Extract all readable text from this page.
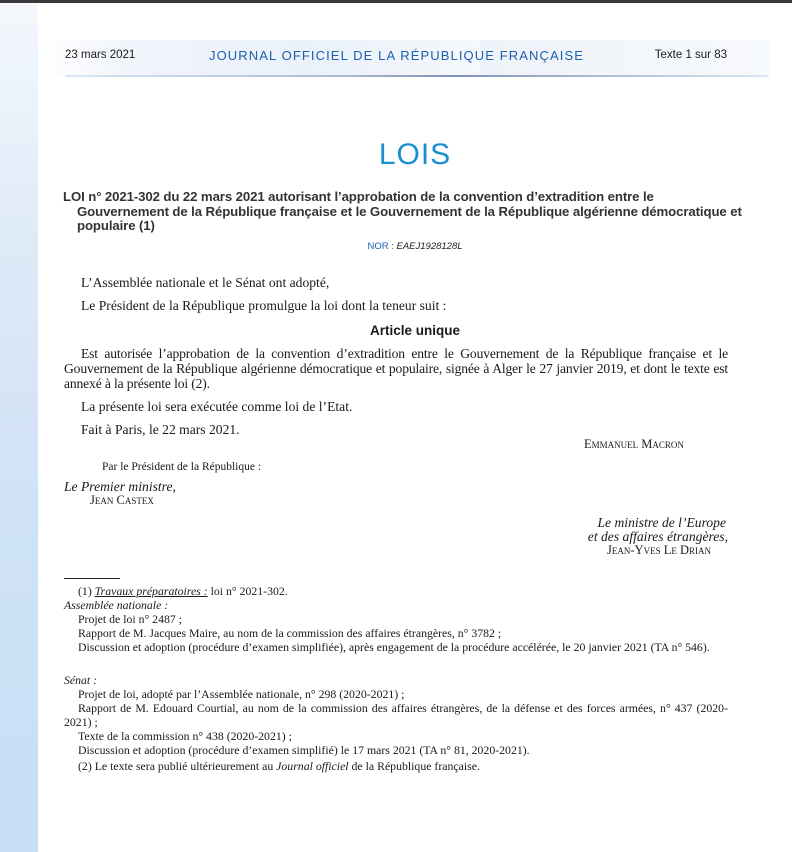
23 mars 2021	JOURNAL OFFICIEL DE LA RÉPUBLIQUE FRANÇAISE	Texte 1 sur 83
LOIS
LOI n° 2021-302 du 22 mars 2021 autorisant l’approbation de la convention d’extradition entre le Gouvernement de la République française et le Gouvernement de la République algérienne démocratique et populaire (1)
NOR : EAEJ1928128L
L’Assemblée nationale et le Sénat ont adopté,
Le Président de la République promulgue la loi dont la teneur suit :
Article unique
Est autorisée l’approbation de la convention d’extradition entre le Gouvernement de la République française et le Gouvernement de la République algérienne démocratique et populaire, signée à Alger le 27 janvier 2019, et dont le texte est annexé à la présente loi (2).
La présente loi sera exécutée comme loi de l’Etat.
Fait à Paris, le 22 mars 2021.
Emmanuel Macron
Par le Président de la République :
Le Premier ministre,
Jean Castex
Le ministre de l’Europe
et des affaires étrangères,
Jean-Yves Le Drian
(1) Travaux préparatoires : loi n° 2021-302.
Assemblée nationale :
Projet de loi n° 2487 ;
Rapport de M. Jacques Maire, au nom de la commission des affaires étrangères, n° 3782 ;
Discussion et adoption (procédure d’examen simplifiée), après engagement de la procédure accélérée, le 20 janvier 2021 (TA n° 546).
Sénat :
Projet de loi, adopté par l’Assemblée nationale, n° 298 (2020-2021) ;
Rapport de M. Edouard Courtial, au nom de la commission des affaires étrangères, de la défense et des forces armées, n° 437 (2020-2021) ;
Texte de la commission n° 438 (2020-2021) ;
Discussion et adoption (procédure d’examen simplifié) le 17 mars 2021 (TA n° 81, 2020-2021).
(2) Le texte sera publié ultérieurement au Journal officiel de la République française.
